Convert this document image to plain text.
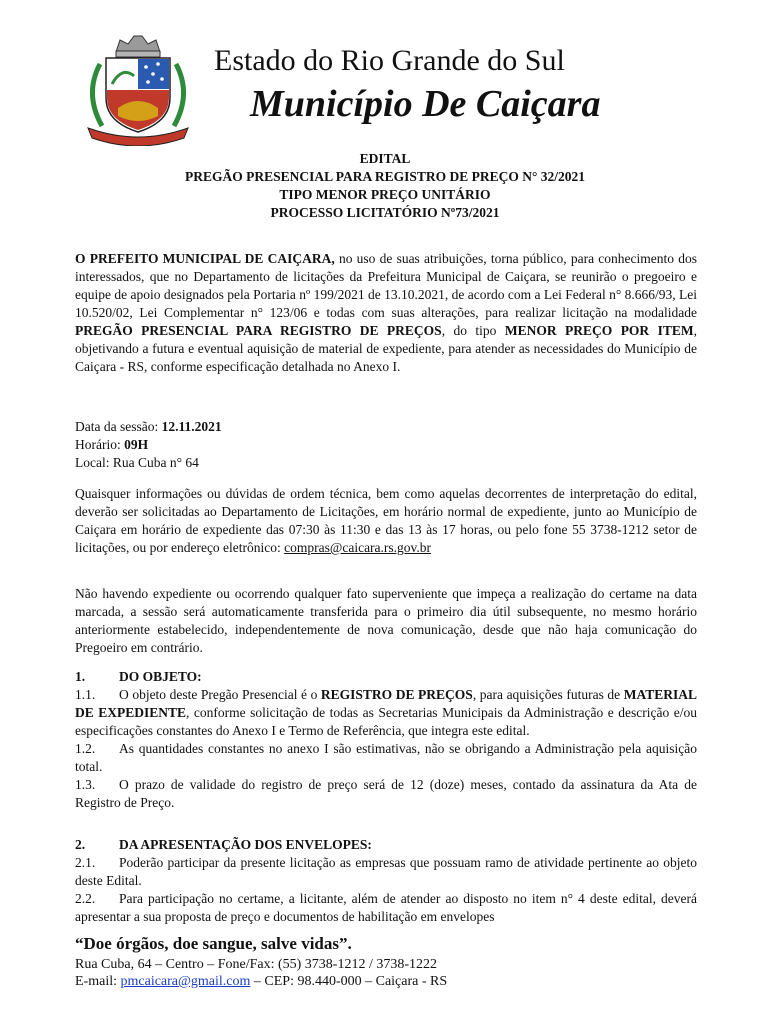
Estado do Rio Grande do Sul
Município De Caiçara
EDITAL
PREGÃO PRESENCIAL PARA REGISTRO DE PREÇO N° 32/2021
TIPO MENOR PREÇO UNITÁRIO
PROCESSO LICITATÓRIO Nº73/2021

O PREFEITO MUNICIPAL DE CAIÇARA, no uso de suas atribuições, torna público, para conhecimento dos interessados, que no Departamento de licitações da Prefeitura Municipal de Caiçara, se reunirão o pregoeiro e equipe de apoio designados pela Portaria nº 199/2021 de 13.10.2021, de acordo com a Lei Federal n° 8.666/93, Lei 10.520/02, Lei Complementar n° 123/06 e todas com suas alterações, para realizar licitação na modalidade PREGÃO PRESENCIAL PARA REGISTRO DE PREÇOS, do tipo MENOR PREÇO POR ITEM, objetivando a futura e eventual aquisição de material de expediente, para atender as necessidades do Município de Caiçara - RS, conforme especificação detalhada no Anexo I.

Data da sessão: 12.11.2021

Horário: 09H

Local: Rua Cuba n° 64

Quaisquer informações ou dúvidas de ordem técnica, bem como aquelas decorrentes de interpretação do edital, deverão ser solicitadas ao Departamento de Licitações, em horário normal de expediente, junto ao Município de Caiçara em horário de expediente das 07:30 às 11:30 e das 13 às 17 horas, ou pelo fone 55 3738-1212 setor de licitações, ou por endereço eletrônico: compras@caicara.rs.gov.br

Não havendo expediente ou ocorrendo qualquer fato superveniente que impeça a realização do certame na data marcada, a sessão será automaticamente transferida para o primeiro dia útil subsequente, no mesmo horário anteriormente estabelecido, independentemente de nova comunicação, desde que não haja comunicação do Pregoeiro em contrário.

1.	DO OBJETO:

1.1. O objeto deste Pregão Presencial é o REGISTRO DE PREÇOS, para aquisições futuras de MATERIAL DE EXPEDIENTE, conforme solicitação de todas as Secretarias Municipais da Administração e descrição e/ou especificações constantes do Anexo I e Termo de Referência, que integra este edital.

1.2. As quantidades constantes no anexo I são estimativas, não se obrigando a Administração pela aquisição total.

1.3. O prazo de validade do registro de preço será de 12 (doze) meses, contado da assinatura da Ata de Registro de Preço.

2.	DA APRESENTAÇÃO DOS ENVELOPES:

2.1. Poderão participar da presente licitação as empresas que possuam ramo de atividade pertinente ao objeto deste Edital.

2.2. Para participação no certame, a licitante, além de atender ao disposto no item n° 4 deste edital, deverá apresentar a sua proposta de preço e documentos de habilitação em envelopes

“Doe órgãos, doe sangue, salve vidas”.
Rua Cuba, 64 – Centro – Fone/Fax: (55) 3738-1212 / 3738-1222
E-mail: pmcaicara@gmail.com – CEP: 98.440-000 – Caiçara - RS
